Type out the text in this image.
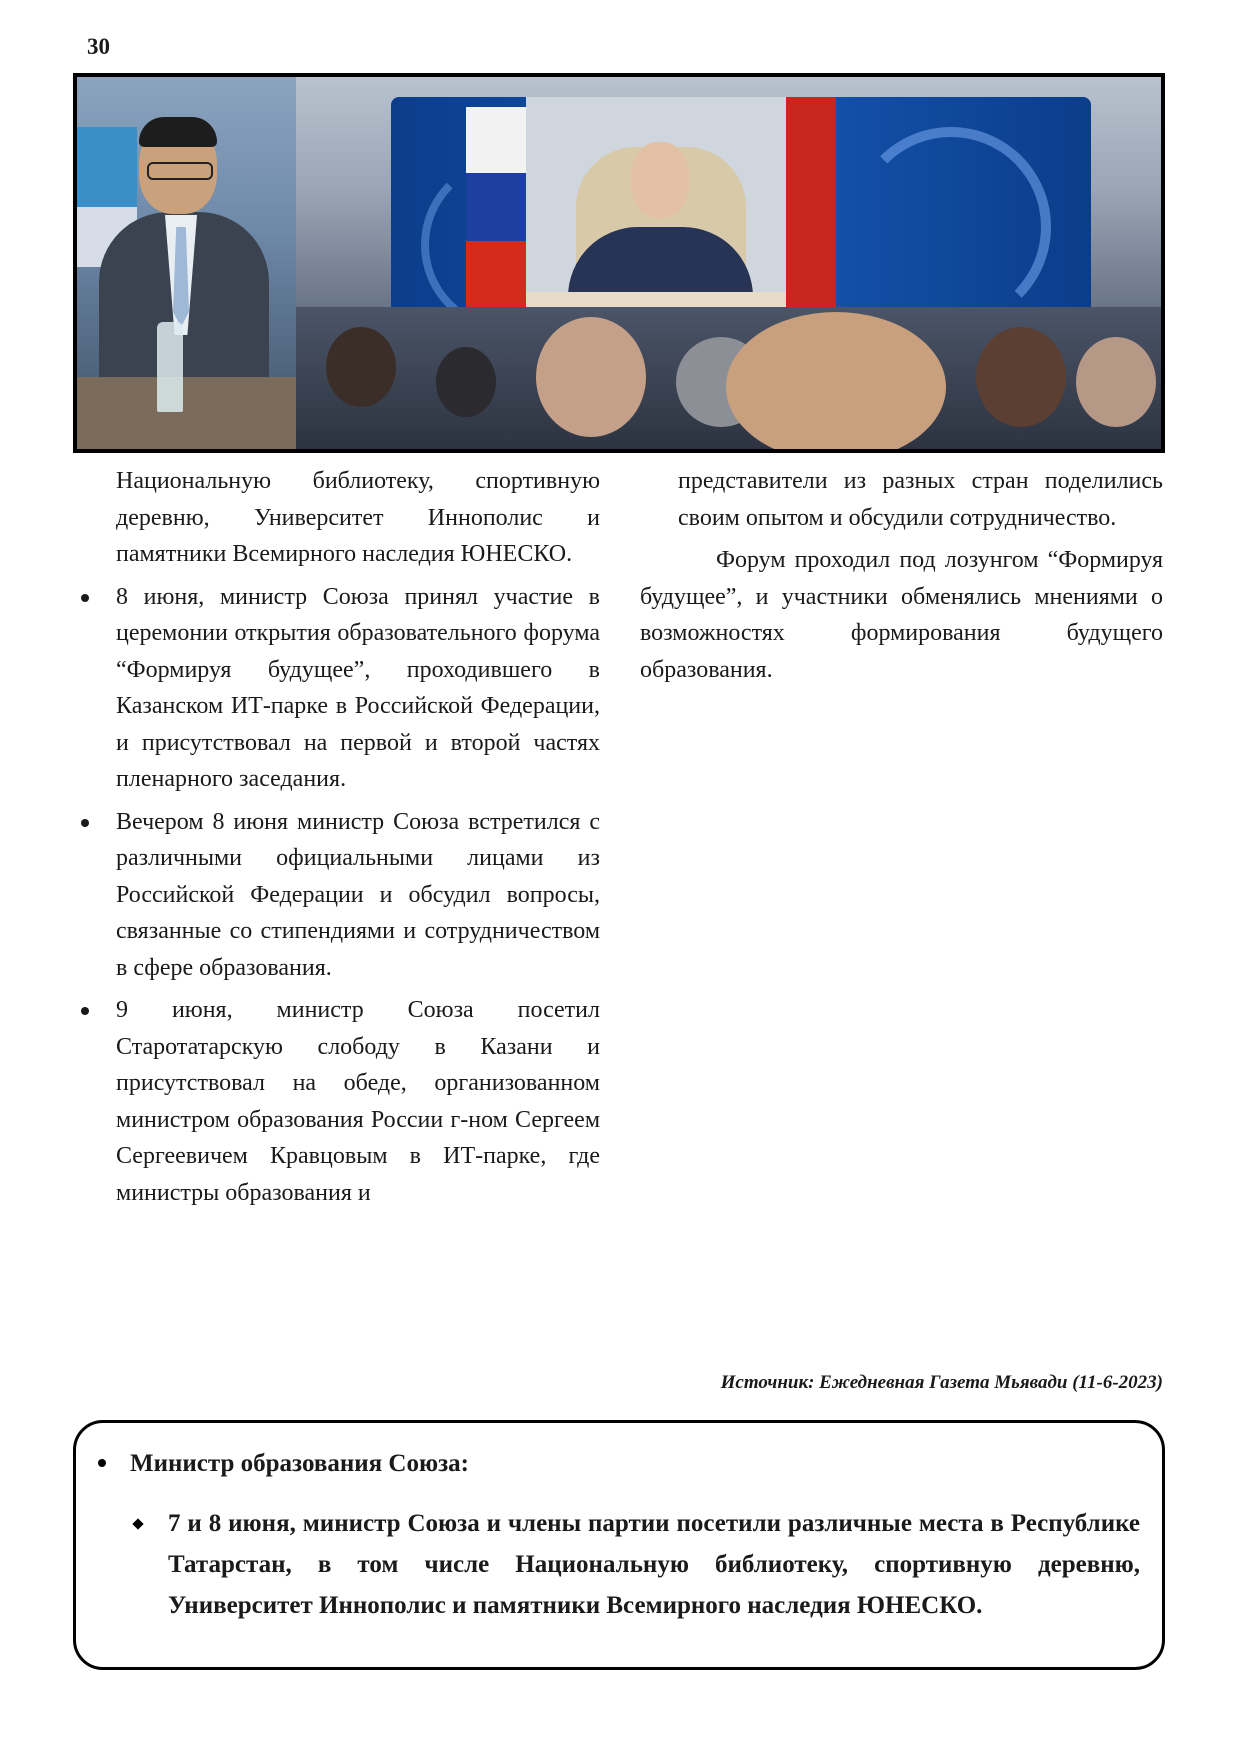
30

Национальную библиотеку, спортивную деревню, Университет Иннополис и памятники Всемирного наследия ЮНЕСКО.

8 июня, министр Союза принял участие в церемонии открытия образовательного форума “Формируя будущее”, проходившего в Казанском ИТ-парке в Российской Федерации, и присутствовал на первой и второй частях пленарного заседания.
Вечером 8 июня министр Союза встретился с различными официальными лицами из Российской Федерации и обсудил вопросы, связанные со стипендиями и сотрудничеством в сфере образования.
9 июня, министр Союза посетил Старотатарскую слободу в Казани и присутствовал на обеде, организованном министром образования России г-ном Сергеем Сергеевичем Кравцовым в ИТ-парке, где министры образования и

представители из разных стран поделились своим опытом и обсудили сотрудничество.

Форум проходил под лозунгом “Формируя будущее”, и участники обменялись мнениями о возможностях формирования будущего образования.

Источник: Ежедневная Газета Мьявади (11-6-2023)
Министр образования Союза:
7 и 8 июня, министр Союза и члены партии посетили различные места в Республике Татарстан, в том числе Национальную библиотеку, спортивную деревню, Университет Иннополис и памятники Всемирного наследия ЮНЕСКО.
